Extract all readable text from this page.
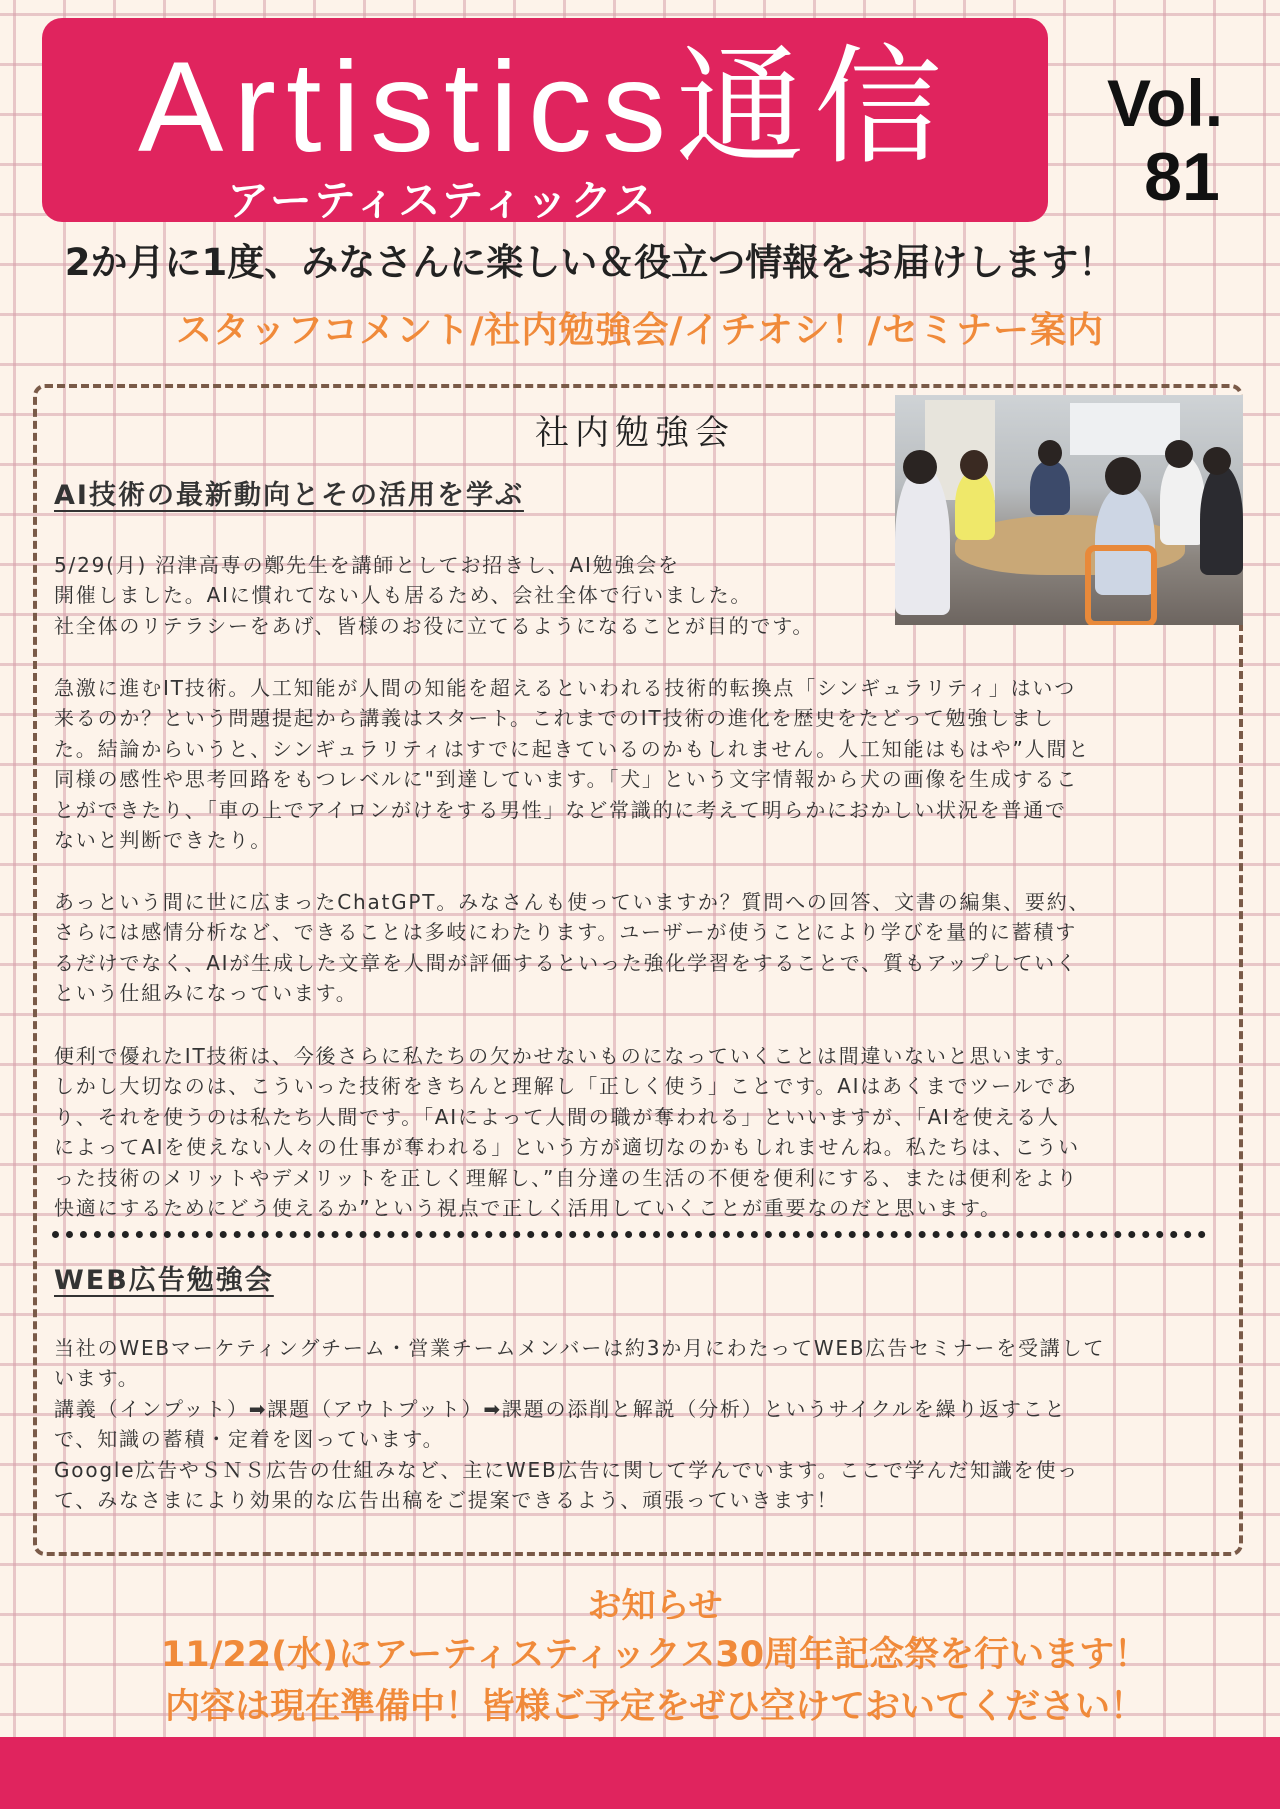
Artistics通信
アーティスティックス
Vol.
81
2か月に1度、みなさんに楽しい＆役立つ情報をお届けします！
スタッフコメント/社内勉強会/イチオシ！/セミナー案内
社内勉強会
AI技術の最新動向とその活用を学ぶ
5/29(月) 沼津高専の鄭先生を講師としてお招きし、AI勉強会を
開催しました。AIに慣れてない人も居るため、会社全体で行いました。
社全体のリテラシーをあげ、皆様のお役に立てるようになることが目的です。
急激に進むIT技術。人工知能が人間の知能を超えるといわれる技術的転換点「シンギュラリティ」はいつ
来るのか？という問題提起から講義はスタート。これまでのIT技術の進化を歴史をたどって勉強しまし
た。結論からいうと、シンギュラリティはすでに起きているのかもしれません。人工知能はもはや”人間と
同様の感性や思考回路をもつレベルに"到達しています。「犬」という文字情報から犬の画像を生成するこ
とができたり、「車の上でアイロンがけをする男性」など常識的に考えて明らかにおかしい状況を普通で
ないと判断できたり。
あっという間に世に広まったChatGPT。みなさんも使っていますか？質問への回答、文書の編集、要約、
さらには感情分析など、できることは多岐にわたります。ユーザーが使うことにより学びを量的に蓄積す
るだけでなく、AIが生成した文章を人間が評価するといった強化学習をすることで、質もアップしていく
という仕組みになっています。
便利で優れたIT技術は、今後さらに私たちの欠かせないものになっていくことは間違いないと思います。
しかし大切なのは、こういった技術をきちんと理解し「正しく使う」ことです。AIはあくまでツールであ
り、それを使うのは私たち人間です。「AIによって人間の職が奪われる」といいますが、「AIを使える人
によってAIを使えない人々の仕事が奪われる」という方が適切なのかもしれませんね。私たちは、こうい
った技術のメリットやデメリットを正しく理解し、”自分達の生活の不便を便利にする、または便利をより
快適にするためにどう使えるか”という視点で正しく活用していくことが重要なのだと思います。
WEB広告勉強会
当社のWEBマーケティングチーム・営業チームメンバーは約3か月にわたってWEB広告セミナーを受講して
います。
講義（インプット）➡課題（アウトプット）➡課題の添削と解説（分析）というサイクルを繰り返すこと
で、知識の蓄積・定着を図っています。
Google広告やＳＮＳ広告の仕組みなど、主にWEB広告に関して学んでいます。ここで学んだ知識を使っ
て、みなさまにより効果的な広告出稿をご提案できるよう、頑張っていきます！
お知らせ
11/22(水)にアーティスティックス30周年記念祭を行います！
内容は現在準備中！皆様ご予定をぜひ空けておいてください！
